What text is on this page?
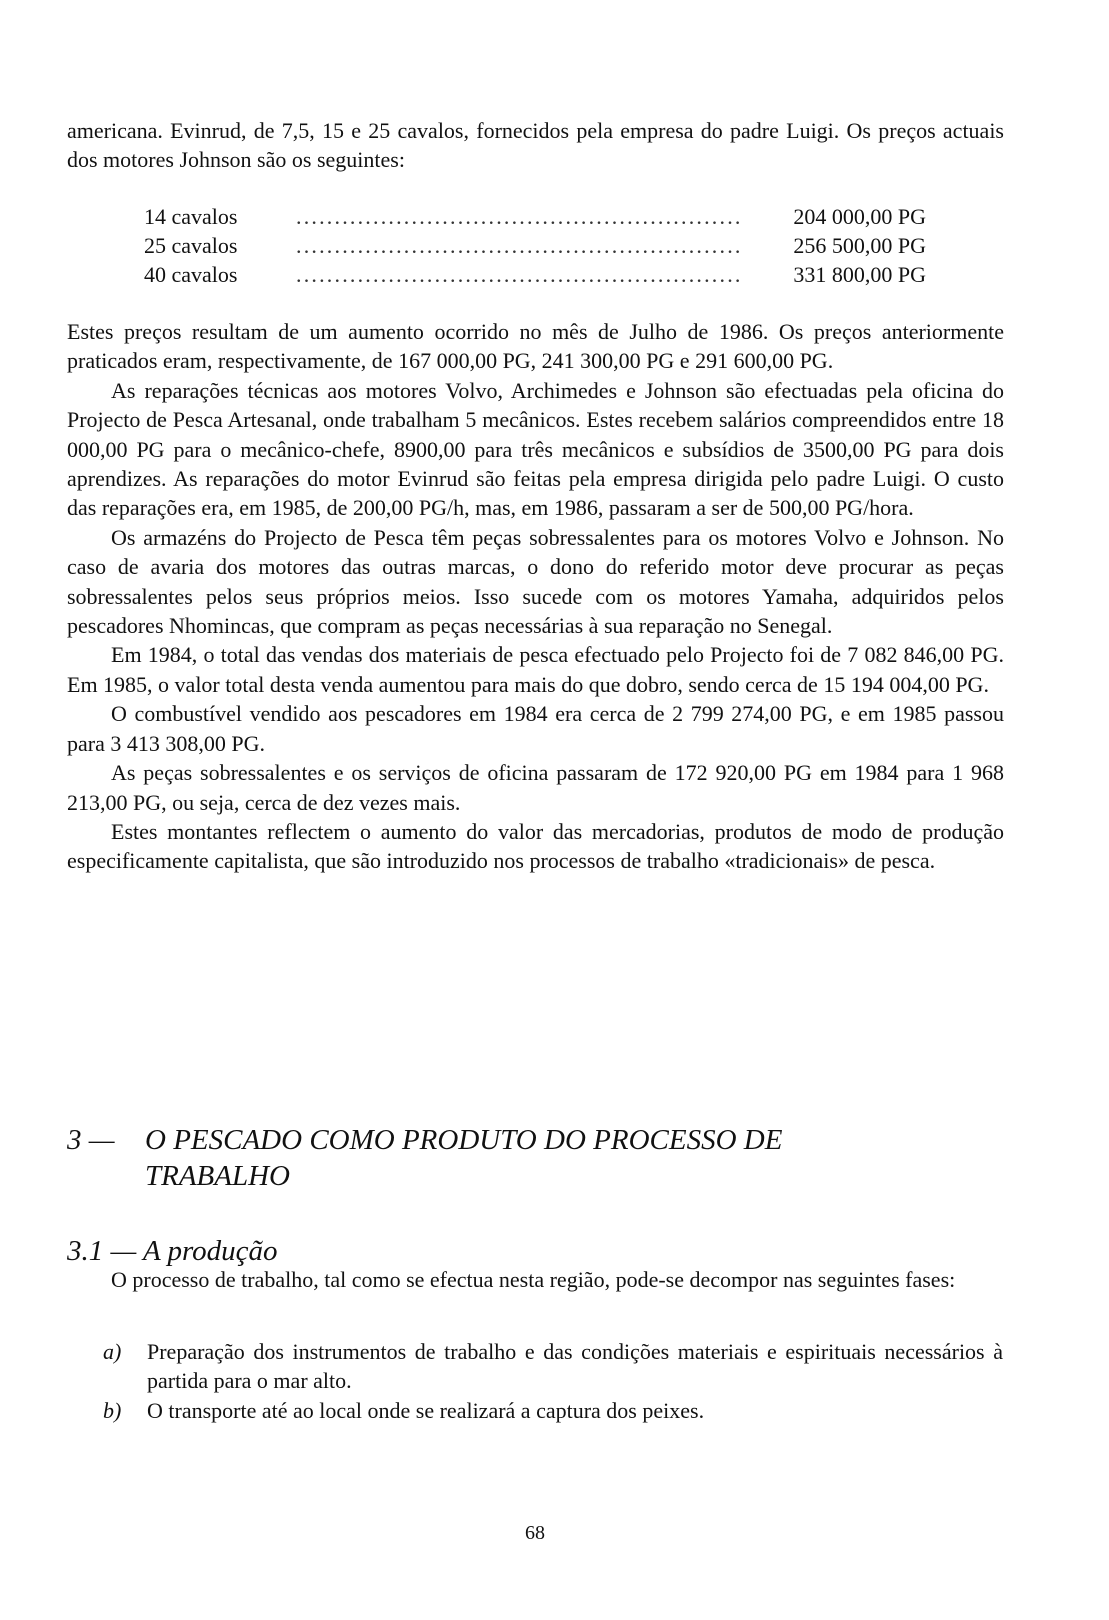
americana. Evinrud, de 7,5, 15 e 25 cavalos, fornecidos pela empresa do padre Luigi. Os preços actuais dos motores Johnson são os seguintes:

14 cavalos	..........................................................	204 000,00 PG
25 cavalos	..........................................................	256 500,00 PG
40 cavalos	..........................................................	331 800,00 PG

Estes preços resultam de um aumento ocorrido no mês de Julho de 1986. Os preços anteriormente praticados eram, respectivamente, de 167 000,00 PG, 241 300,00 PG e 291 600,00 PG.

As reparações técnicas aos motores Volvo, Archimedes e Johnson são efectuadas pela oficina do Projecto de Pesca Artesanal, onde trabalham 5 mecânicos. Estes recebem salários compreendidos entre 18 000,00 PG para o mecânico-chefe, 8900,00 para três mecânicos e subsídios de 3500,00 PG para dois aprendizes. As reparações do motor Evinrud são feitas pela empresa dirigida pelo padre Luigi. O custo das reparações era, em 1985, de 200,00 PG/h, mas, em 1986, passaram a ser de 500,00 PG/hora.

Os armazéns do Projecto de Pesca têm peças sobressalentes para os motores Volvo e Johnson. No caso de avaria dos motores das outras marcas, o dono do referido motor deve procurar as peças sobressalentes pelos seus próprios meios. Isso sucede com os motores Yamaha, adquiridos pelos pescadores Nhomincas, que compram as peças necessárias à sua reparação no Senegal.

Em 1984, o total das vendas dos materiais de pesca efectuado pelo Projecto foi de 7 082 846,00 PG. Em 1985, o valor total desta venda aumentou para mais do que dobro, sendo cerca de 15 194 004,00 PG.

O combustível vendido aos pescadores em 1984 era cerca de 2 799 274,00 PG, e em 1985 passou para 3 413 308,00 PG.

As peças sobressalentes e os serviços de oficina passaram de 172 920,00 PG em 1984 para 1 968 213,00 PG, ou seja, cerca de dez vezes mais.

Estes montantes reflectem o aumento do valor das mercadorias, produtos de modo de produção especificamente capitalista, que são introduzido nos processos de trabalho «tradicionais» de pesca.

3 — O PESCADO COMO PRODUTO DO PROCESSO DE
TRABALHO
3.1 — A produção

O processo de trabalho, tal como se efectua nesta região, pode-se decompor nas seguintes fases:

a) Preparação dos instrumentos de trabalho e das condições materiais e espirituais necessários à partida para o mar alto.

b) O transporte até ao local onde se realizará a captura dos peixes.

68
